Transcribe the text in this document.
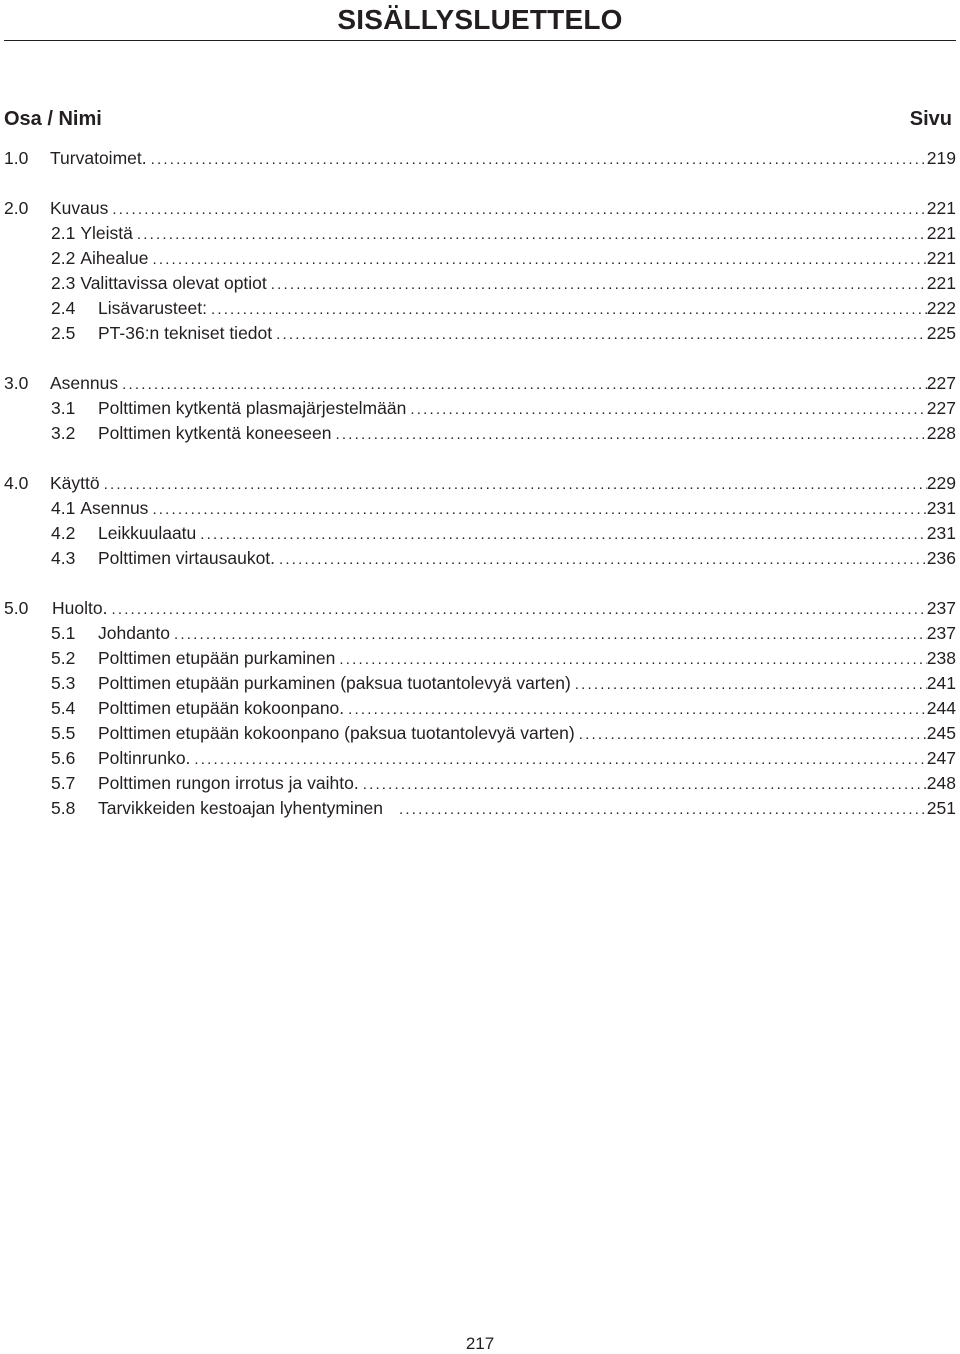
SISÄLLYSLUETTELO
Osa / Nimi	Sivu
1.0	Turvatoimet. .....	219
2.0	Kuvaus .....	221
2.1 Yleistä .....	221
2.2 Aihealue .....	221
2.3 Valittavissa olevat optiot .....	221
2.4	Lisävarusteet: .....	222
2.5	PT-36:n tekniset tiedot .....	225
3.0	Asennus .....	227
3.1	Polttimen kytkentä plasmajärjestelmään .....	227
3.2	Polttimen kytkentä koneeseen .....	228
4.0	Käyttö .....	229
4.1 Asennus .....	231
4.2	Leikkuulaatu .....	231
4.3	Polttimen virtausaukot. .....	236
5.0	Huolto. .....	237
5.1	Johdanto .....	237
5.2	Polttimen etupään purkaminen .....	238
5.3	Polttimen etupään purkaminen (paksua tuotantolevyä varten) .....	241
5.4	Polttimen etupään kokoonpano. .....	244
5.5	Polttimen etupään kokoonpano (paksua tuotantolevyä varten) .....	245
5.6	Poltinrunko. .....	247
5.7	Polttimen rungon irrotus ja vaihto. .....	248
5.8	Tarvikkeiden kestoajan lyhentyminen .....	251
217
